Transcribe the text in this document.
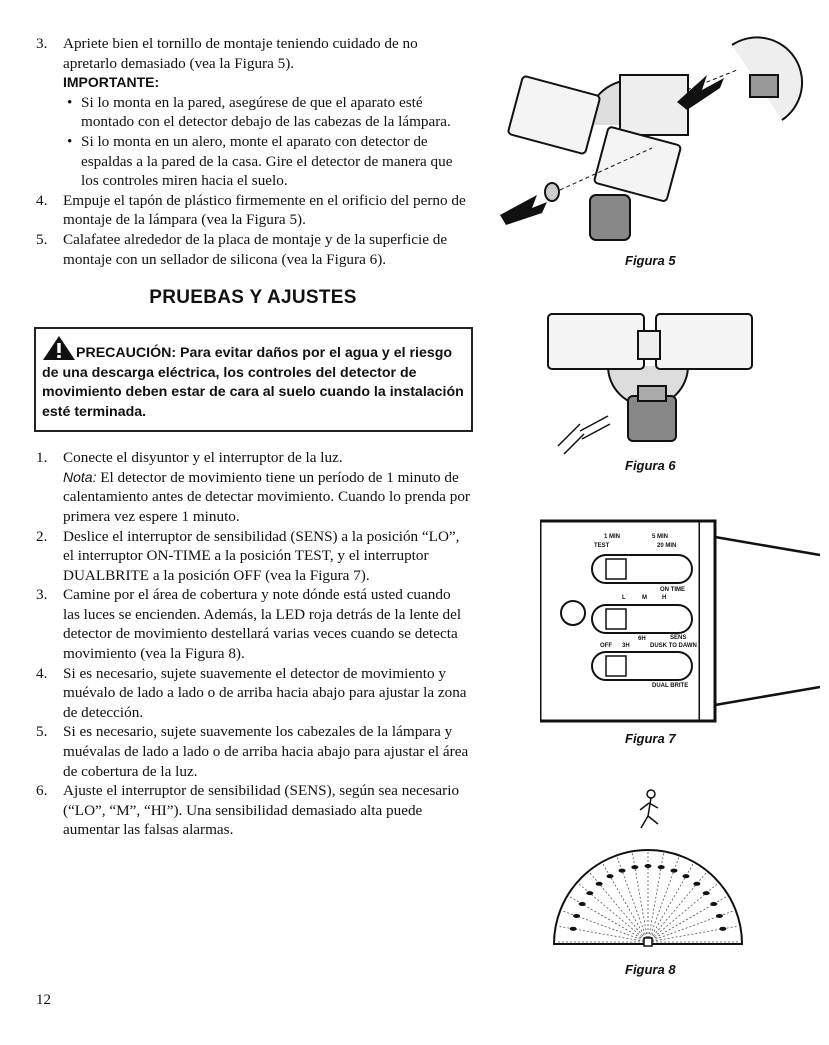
3. Apriete bien el tornillo de montaje teniendo cuidado de no apretarlo demasiado (vea la Figura 5).

IMPORTANTE:

• Si lo monta en la pared, asegúrese de que el aparato esté montado con el detector debajo de las cabezas de la lámpara.

• Si lo monta en un alero, monte el aparato con detector de espaldas a la pared de la casa. Gire el detector de manera que los controles miren hacia el suelo.

4. Empuje el tapón de plástico firmemente en el orificio del perno de montaje de la lámpara (vea la Figura 5).
5. Calafatee alrededor de la placa de montaje y de la superficie de montaje con un sellador de silicona (vea la Figura 6).
PRUEBAS Y AJUSTES
PRECAUCIÓN: Para evitar daños por el agua y el riesgo de una descarga eléctrica, los controles del detector de movimiento deben estar de cara al suelo cuando la instalación esté terminada.
1. Conecte el disyuntor y el interruptor de la luz.
Nota: El detector de movimiento tiene un período de 1 minuto de calentamiento antes de detectar movimiento. Cuando lo prenda por primera vez espere 1 minuto.
2. Deslice el interruptor de sensibilidad (SENS) a la posición “LO”, el interruptor ON-TIME a la posición TEST, y el interruptor DUALBRITE a la posición OFF (vea la Figura 7).
3. Camine por el área de cobertura y note dónde está usted cuando las luces se encienden. Además, la LED roja detrás de la lente del detector de movimiento destellará varias veces cuando se detecta movimiento (vea la Figura 8).
4. Si es necesario, sujete suavemente el detector de movimiento y muévalo de lado a lado o de arriba hacia abajo para ajustar la zona de detección.
5. Si es necesario, sujete suavemente los cabezales de la lámpara y muévalas de lado a lado o de arriba hacia abajo para ajustar el área de cobertura de la luz.
6. Ajuste el interruptor de sensibilidad (SENS), según sea necesario (“LO”, “M”, “HI”). Una sensibilidad demasiado alta puede aumentar las falsas alarmas.
Figura 5
Figura 6
1 MIN
TEST
5 MIN
20 MIN
ON TIME
L	M	H
SENS
6H
OFF 3H	DUSK TO DAWN
DUAL BRITE
Figura 7
Figura 8
12
